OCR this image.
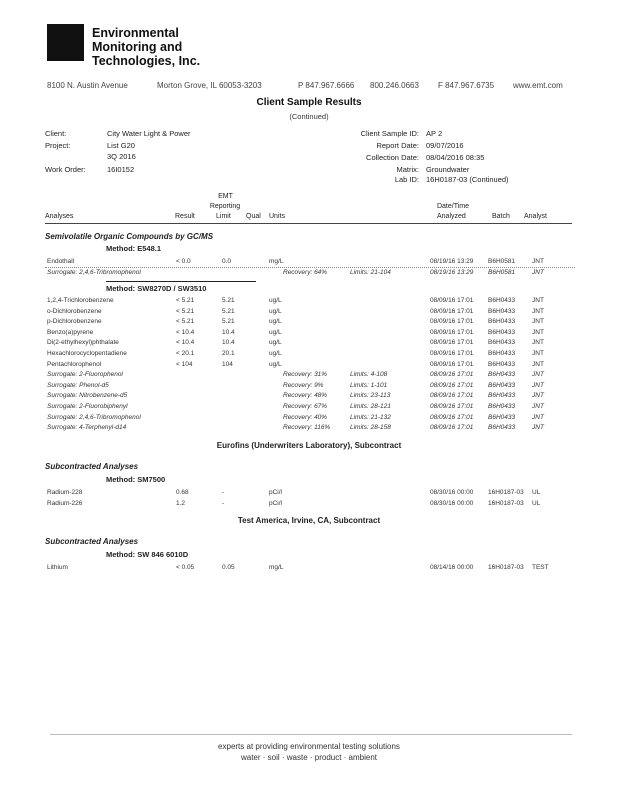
Environmental
Monitoring and
Technologies, Inc.
8100 N. Austin Avenue	Morton Grove, IL 60053-3203	P 847.967.6666 800.246.0663 F 847.967.6735 www.emt.com
Client Sample Results
(Continued)
Client:	City Water Light & Power
Project:	List G20
3Q 2016
Work Order:	16I0152
Client Sample ID: AP 2
Report Date: 09/07/2016
Collection Date: 08/04/2016 08:35
Matrix: Groundwater
Lab ID: 16H0187-03 (Continued)
Analyses	Result
EMT
Reporting
Limit Qual Units
Date/Time
Analyzed	Batch Analyst
Semivolatile Organic Compounds by GC/MS
Method: E548.1
Endothall	< 0.0	0.0	mg/L	08/19/16 13:29 B6H0581	JNT
Surrogate: 2,4,6-Tribromophenol	Recovery: 64%	Limits: 21-104	08/19/16 13:29 B6H0581	JNT
Method: SW8270D / SW3510
1,2,4-Trichlorobenzene	< 5.21	5.21	ug/L	08/09/16 17:01 B6H0433	JNT
o-Dichlorobenzene	< 5.21	5.21	ug/L	08/09/16 17:01 B6H0433	JNT
p-Dichlorobenzene	< 5.21	5.21	ug/L	08/09/16 17:01 B6H0433	JNT
Benzo(a)pyrene	< 10.4	10.4	ug/L	08/09/16 17:01 B6H0433	JNT
Di(2-ethylhexyl)phthalate	< 10.4	10.4	ug/L	08/09/16 17:01 B6H0433	JNT
Hexachlorocyclopentadiene	< 20.1	20.1	ug/L	08/09/16 17:01 B6H0433	JNT
Pentachlorophenol	< 104	104	ug/L	08/09/16 17:01 B6H0433	JNT
Surrogate: 2-Fluorophenol	Recovery: 31%	Limits: 4-108	08/09/16 17:01 B6H0433	JNT
Surrogate: Phenol-d5	Recovery: 9%	Limits: 1-101	08/09/16 17:01 B6H0433	JNT
Surrogate: Nitrobenzene-d5	Recovery: 48%	Limits: 23-113	08/09/16 17:01 B6H0433	JNT
Surrogate: 2-Fluorobiphenyl	Recovery: 67%	Limits: 28-121	08/09/16 17:01 B6H0433	JNT
Surrogate: 2,4,6-Tribromophenol	Recovery: 40%	Limits: 21-132	08/09/16 17:01 B6H0433	JNT
Surrogate: 4-Terphenyl-d14	Recovery: 116%	Limits: 28-158	08/09/16 17:01 B6H0433	JNT
Eurofins (Underwriters Laboratory), Subcontract
Subcontracted Analyses
Method: SM7500
Radium-228	0.68	-	pCi/l	08/30/16 00:00 16H0187-03 UL
Radium-226	1.2	-	pCi/l	08/30/16 00:00 16H0187-03 UL
Test America, Irvine, CA, Subcontract
Subcontracted Analyses
Method: SW 846 6010D
Lithium	< 0.05	0.05	mg/L	08/14/16 00:00 16H0187-03 TEST
experts at providing environmental testing solutions
water · soil · waste · product · ambient
